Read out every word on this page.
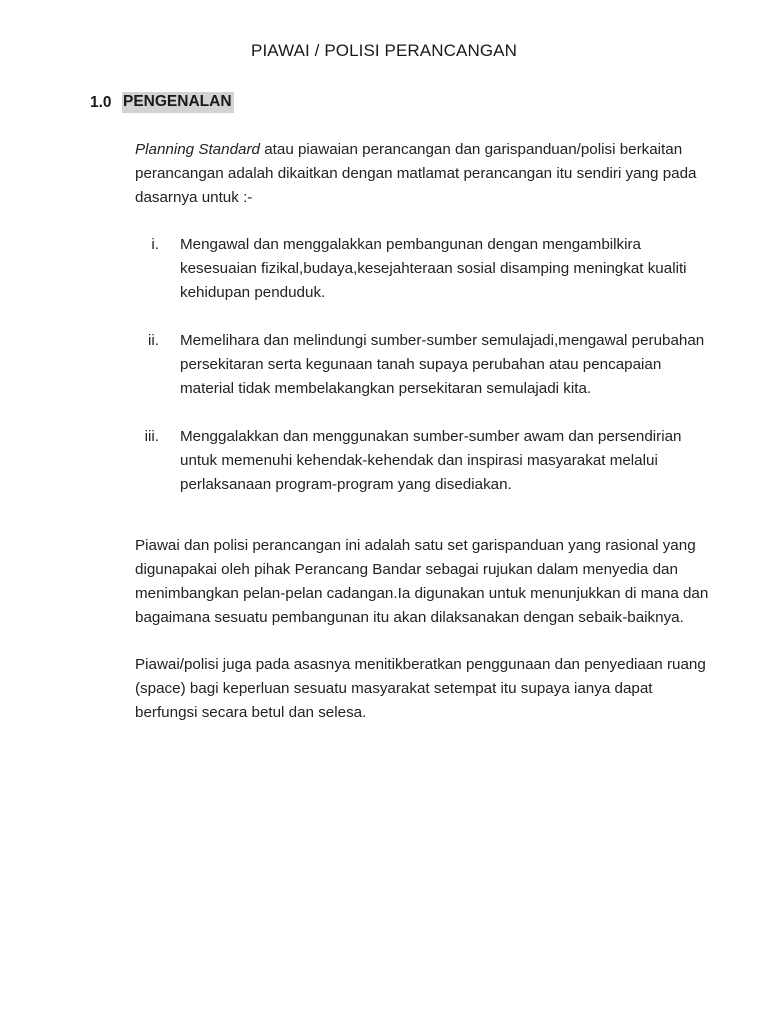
PIAWAI / POLISI PERANCANGAN
1.0 PENGENALAN
Planning Standard atau piawaian perancangan dan garispanduan/polisi berkaitan
perancangan adalah dikaitkan dengan matlamat perancangan itu sendiri yang pada
dasarnya untuk :-
i. Mengawal dan menggalakkan pembangunan dengan mengambilkira
kesesuaian fizikal,budaya,kesejahteraan sosial disamping meningkat kualiti
kehidupan penduduk.
ii. Memelihara dan melindungi sumber-sumber semulajadi,mengawal perubahan
persekitaran serta kegunaan tanah supaya perubahan atau pencapaian
material tidak membelakangkan persekitaran semulajadi kita.
iii. Menggalakkan dan menggunakan sumber-sumber awam dan persendirian
untuk memenuhi kehendak-kehendak dan inspirasi masyarakat melalui
perlaksanaan program-program yang disediakan.
Piawai dan polisi perancangan ini adalah satu set garispanduan yang rasional yang
digunapakai oleh pihak Perancang Bandar sebagai rujukan dalam menyedia dan
menimbangkan pelan-pelan cadangan.Ia digunakan untuk menunjukkan di mana dan
bagaimana sesuatu pembangunan itu akan dilaksanakan dengan sebaik-baiknya.
Piawai/polisi juga pada asasnya menitikberatkan penggunaan dan penyediaan ruang
(space) bagi keperluan sesuatu masyarakat setempat itu supaya ianya dapat
berfungsi secara betul dan selesa.
